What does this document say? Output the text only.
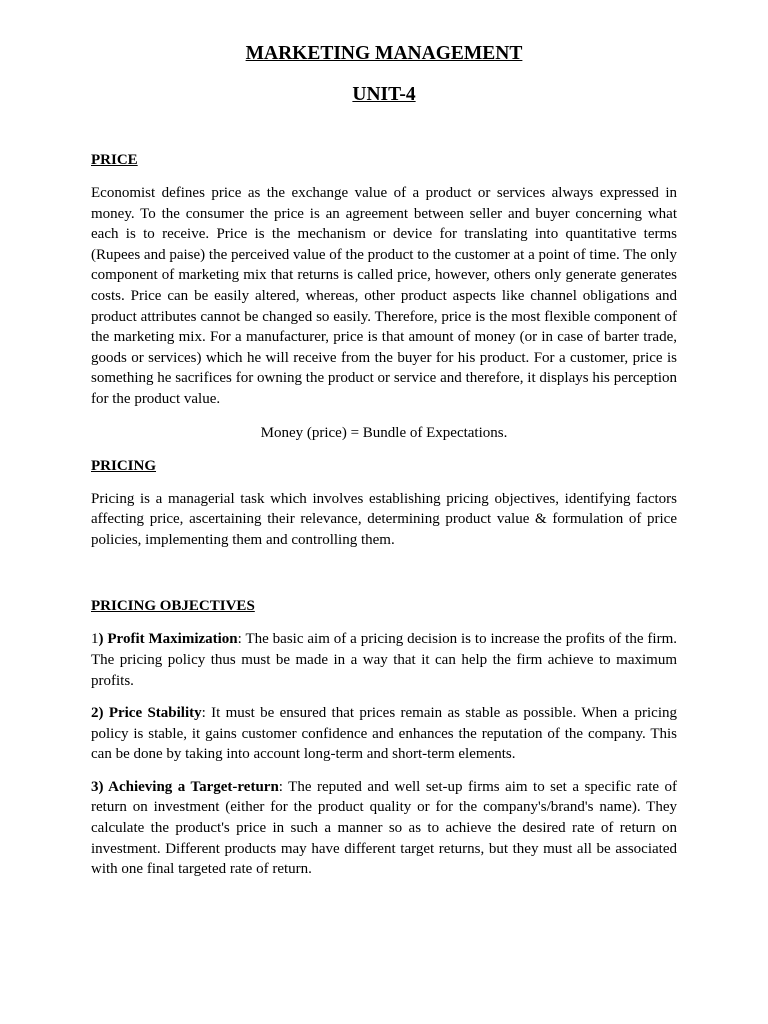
MARKETING MANAGEMENT
UNIT-4
PRICE

Economist defines price as the exchange value of a product or services always expressed in money. To the consumer the price is an agreement between seller and buyer concerning what each is to receive. Price is the mechanism or device for translating into quantitative terms (Rupees and paise) the perceived value of the product to the customer at a point of time. The only component of marketing mix that returns is called price, however, others only generate generates costs. Price can be easily altered, whereas, other product aspects like channel obligations and product attributes cannot be changed so easily. Therefore, price is the most flexible component of the marketing mix. For a manufacturer, price is that amount of money (or in case of barter trade, goods or services) which he will receive from the buyer for his product. For a customer, price is something he sacrifices for owning the product or service and therefore, it displays his perception for the product value.

Money (price) = Bundle of Expectations.

PRICING

Pricing is a managerial task which involves establishing pricing objectives, identifying factors affecting price, ascertaining their relevance, determining product value & formulation of price policies, implementing them and controlling them.

PRICING OBJECTIVES

1) Profit Maximization: The basic aim of a pricing decision is to increase the profits of the firm. The pricing policy thus must be made in a way that it can help the firm achieve to maximum profits.

2) Price Stability: It must be ensured that prices remain as stable as possible. When a pricing policy is stable, it gains customer confidence and enhances the reputation of the company. This can be done by taking into account long-term and short-term elements.

3) Achieving a Target-return: The reputed and well set-up firms aim to set a specific rate of return on investment (either for the product quality or for the company's/brand's name). They calculate the product's price in such a manner so as to achieve the desired rate of return on investment. Different products may have different target returns, but they must all be associated with one final targeted rate of return.
